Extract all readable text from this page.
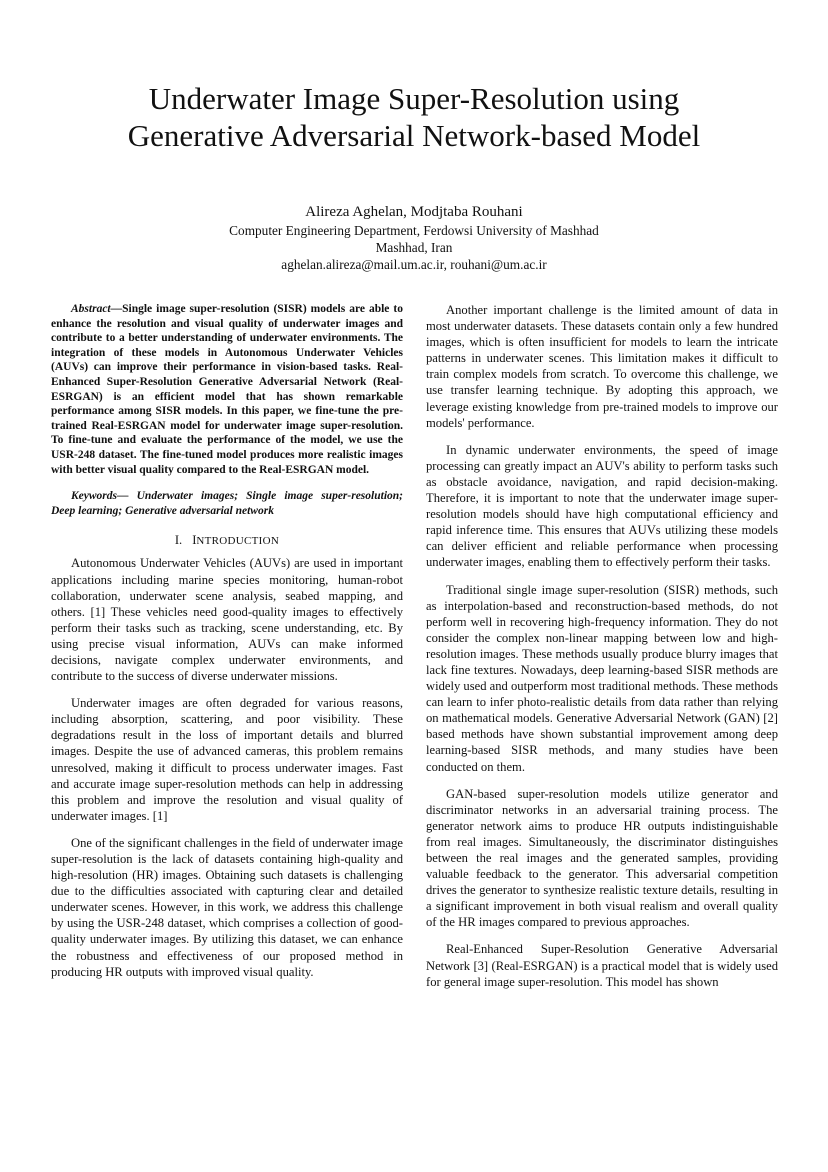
Underwater Image Super-Resolution using
Generative Adversarial Network-based Model
Alireza Aghelan, Modjtaba Rouhani
Computer Engineering Department, Ferdowsi University of Mashhad
Mashhad, Iran
aghelan.alireza@mail.um.ac.ir, rouhani@um.ac.ir

Abstract—Single image super-resolution (SISR) models are able to enhance the resolution and visual quality of underwater images and contribute to a better understanding of underwater environments. The integration of these models in Autonomous Underwater Vehicles (AUVs) can improve their performance in vision-based tasks. Real-Enhanced Super-Resolution Generative Adversarial Network (Real-ESRGAN) is an efficient model that has shown remarkable performance among SISR models. In this paper, we fine-tune the pre-trained Real-ESRGAN model for underwater image super-resolution. To fine-tune and evaluate the performance of the model, we use the USR-248 dataset. The fine-tuned model produces more realistic images with better visual quality compared to the Real-ESRGAN model.

Keywords— Underwater images; Single image super-resolution; Deep learning; Generative adversarial network

I. INTRODUCTION

Autonomous Underwater Vehicles (AUVs) are used in important applications including marine species monitoring, human-robot collaboration, underwater scene analysis, seabed mapping, and others. [1] These vehicles need good-quality images to effectively perform their tasks such as tracking, scene understanding, etc. By using precise visual information, AUVs can make informed decisions, navigate complex underwater environments, and contribute to the success of diverse underwater missions.

Underwater images are often degraded for various reasons, including absorption, scattering, and poor visibility. These degradations result in the loss of important details and blurred images. Despite the use of advanced cameras, this problem remains unresolved, making it difficult to process underwater images. Fast and accurate image super-resolution methods can help in addressing this problem and improve the resolution and visual quality of underwater images. [1]

One of the significant challenges in the field of underwater image super-resolution is the lack of datasets containing high-quality and high-resolution (HR) images. Obtaining such datasets is challenging due to the difficulties associated with capturing clear and detailed underwater scenes. However, in this work, we address this challenge by using the USR-248 dataset, which comprises a collection of good-quality underwater images. By utilizing this dataset, we can enhance the robustness and effectiveness of our proposed method in producing HR outputs with improved visual quality.

Another important challenge is the limited amount of data in most underwater datasets. These datasets contain only a few hundred images, which is often insufficient for models to learn the intricate patterns in underwater scenes. This limitation makes it difficult to train complex models from scratch. To overcome this challenge, we use transfer learning technique. By adopting this approach, we leverage existing knowledge from pre-trained models to improve our models' performance.

In dynamic underwater environments, the speed of image processing can greatly impact an AUV's ability to perform tasks such as obstacle avoidance, navigation, and rapid decision-making. Therefore, it is important to note that the underwater image super-resolution models should have high computational efficiency and rapid inference time. This ensures that AUVs utilizing these models can deliver efficient and reliable performance when processing underwater images, enabling them to effectively perform their tasks.

Traditional single image super-resolution (SISR) methods, such as interpolation-based and reconstruction-based methods, do not perform well in recovering high-frequency information. They do not consider the complex non-linear mapping between low and high-resolution images. These methods usually produce blurry images that lack fine textures. Nowadays, deep learning-based SISR methods are widely used and outperform most traditional methods. These methods can learn to infer photo-realistic details from data rather than relying on mathematical models. Generative Adversarial Network (GAN) [2] based methods have shown substantial improvement among deep learning-based SISR methods, and many studies have been conducted on them.

GAN-based super-resolution models utilize generator and discriminator networks in an adversarial training process. The generator network aims to produce HR outputs indistinguishable from real images. Simultaneously, the discriminator distinguishes between the real images and the generated samples, providing valuable feedback to the generator. This adversarial competition drives the generator to synthesize realistic texture details, resulting in a significant improvement in both visual realism and overall quality of the HR images compared to previous approaches.

Real-Enhanced Super-Resolution Generative Adversarial Network [3] (Real-ESRGAN) is a practical model that is widely used for general image super-resolution. This model has shown
